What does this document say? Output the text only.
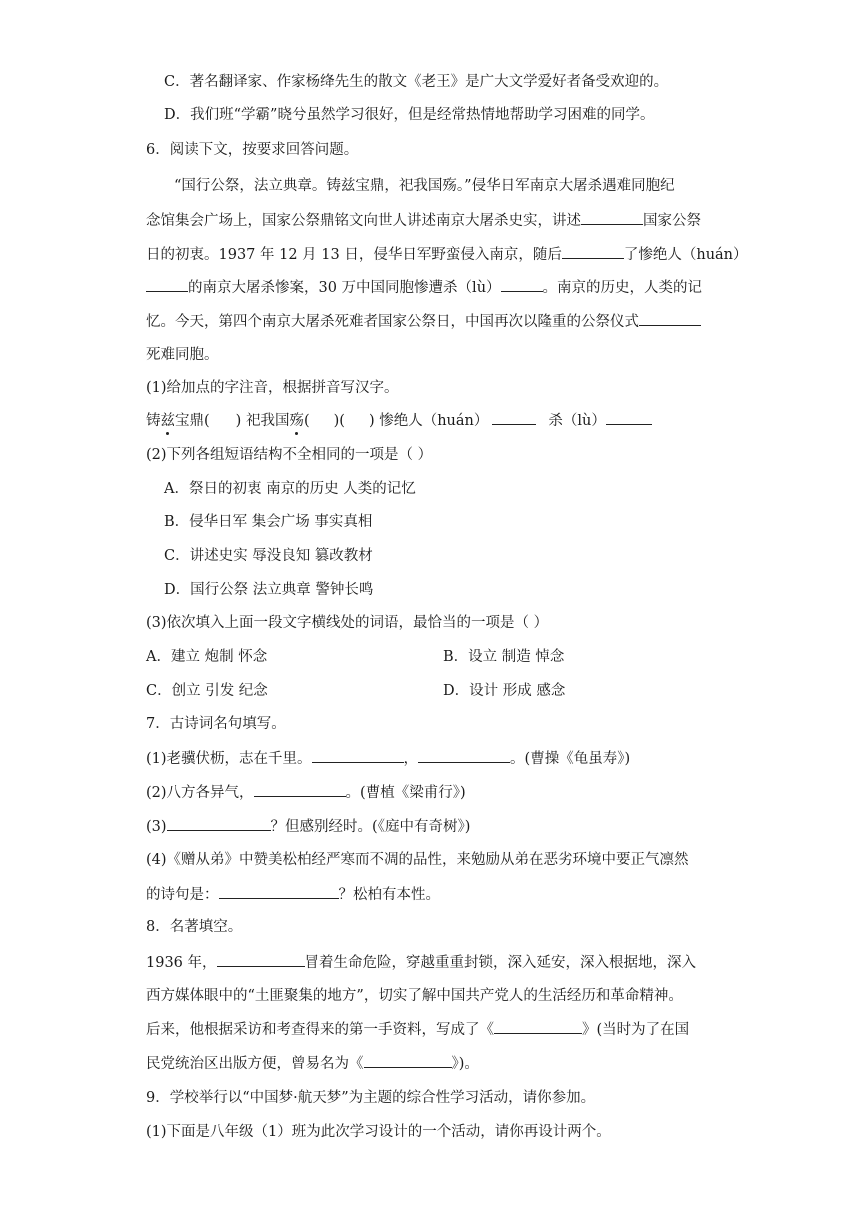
C．著名翻译家、作家杨绛先生的散文《老王》是广大文学爱好者备受欢迎的。
D．我们班“学霸”晓兮虽然学习很好，但是经常热情地帮助学习困难的同学。
6．阅读下文，按要求回答问题。
“国行公祭，法立典章。铸兹宝鼎，祀我国殇。”侵华日军南京大屠杀遇难同胞纪
念馆集会广场上，国家公祭鼎铭文向世人讲述南京大屠杀史实，讲述	国家公祭
日的初衷。1937 年 12 月 13 日，侵华日军野蛮侵入南京，随后	了惨绝人（huán）
的南京大屠杀惨案，30 万中国同胞惨遭杀（lù）	。南京的历史，人类的记
忆。今天，第四个南京大屠杀死难者国家公祭日，中国再次以隆重的公祭仪式
死难同胞。
(1)给加点的字注音，根据拼音写汉字。
铸兹宝鼎( ) 祀我国殇( )( ) 惨绝人（huán）	杀（lù）
(2)下列各组短语结构不全相同的一项是（ ）
A．祭日的初衷 南京的历史 人类的记忆
B．侵华日军 集会广场 事实真相
C．讲述史实 辱没良知 篡改教材
D．国行公祭 法立典章 警钟长鸣
(3)依次填入上面一段文字横线处的词语，最恰当的一项是（ ）
A．建立 炮制 怀念	B．设立 制造 悼念
C．创立 引发 纪念	D．设计 形成 感念
7．古诗词名句填写。
(1)老骥伏枥，志在千里。	，	。(曹操《龟虽寿》)
(2)八方各异气，	。(曹植《梁甫行》)
(3)	？但感别经时。(《庭中有奇树》)
(4)《赠从弟》中赞美松柏经严寒而不凋的品性，来勉励从弟在恶劣环境中要正气凛然
的诗句是：	？松柏有本性。
8．名著填空。
1936 年，	冒着生命危险，穿越重重封锁，深入延安，深入根据地，深入
西方媒体眼中的“土匪聚集的地方”，切实了解中国共产党人的生活经历和革命精神。
后来，他根据采访和考查得来的第一手资料，写成了《	》(当时为了在国
民党统治区出版方便，曾易名为《	》)。
9．学校举行以“中国梦·航天梦”为主题的综合性学习活动，请你参加。
(1)下面是八年级（1）班为此次学习设计的一个活动，请你再设计两个。
